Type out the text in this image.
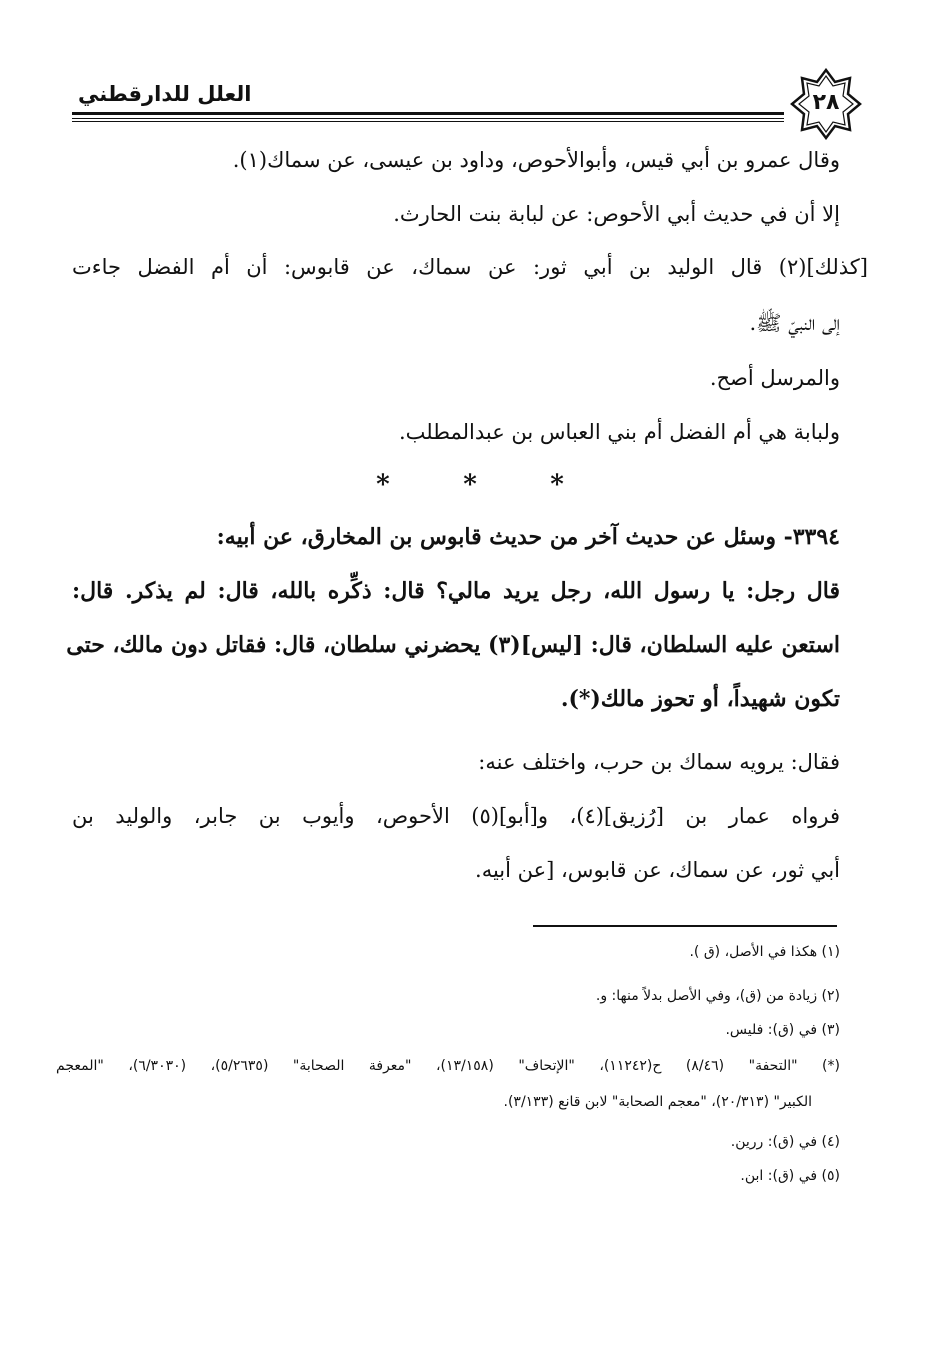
العلل للدارقطني	٢٨
وقال عمرو بن أبي قيس، وأبوالأحوص، وداود بن عيسى، عن سماك(١).
إلا أن في حديث أبي الأحوص: عن لبابة بنت الحارث.
[كذلك](٢) قال الوليد بن أبي ثور: عن سماك، عن قابوس: أن أم الفضل جاءت
إلى النبيّ ﷺ.
والمرسل أصح.
ولبابة هي أم الفضل أم بني العباس بن عبدالمطلب.
*	*	*
٣٣٩٤- وسئل عن حديث آخر من حديث قابوس بن المخارق، عن أبيه:
قال رجل: يا رسول الله، رجل يريد مالي؟ قال: ذكِّره بالله، قال: لم يذكر. قال:
استعن عليه السلطان، قال: [ليس](٣) يحضرني سلطان، قال: فقاتل دون مالك، حتى
تكون شهيداً، أو تحوز مالك(*).
فقال: يرويه سماك بن حرب، واختلف عنه:
فرواه عمار بن [رُزيق](٤)، و[أبو](٥) الأحوص، وأيوب بن جابر، والوليد بن
أبي ثور، عن سماك، عن قابوس، [عن أبيه.
(١) هكذا في الأصل، (ق ).
(٢) زيادة من (ق)، وفي الأصل بدلاً منها: و.
(٣) في (ق): فليس.
(*) "التحفة" (٨/٤٦) ح(١١٢٤٢)، "الإتحاف" (١٣/١٥٨)، "معرفة الصحابة" (٥/٢٦٣٥)، (٦/٣٠٣٠)، "المعجم
الكبير" (٢٠/٣١٣)، "معجم الصحابة" لابن قانع (٣/١٣٣).
(٤) في (ق): ررين.
(٥) في (ق): ابن.
